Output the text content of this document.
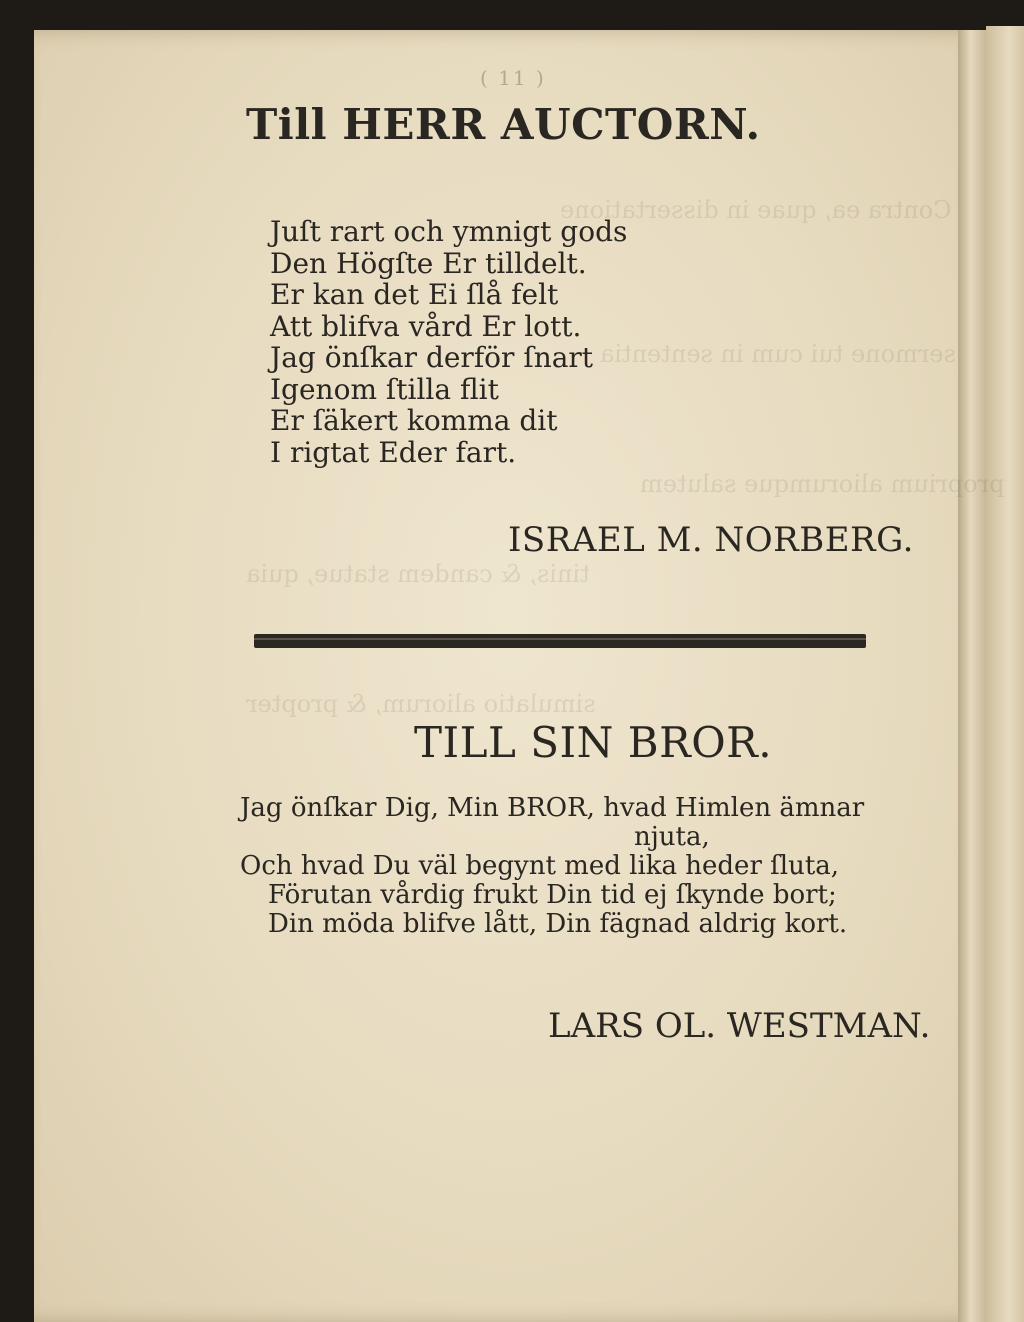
Contra ea, quae in dissertatione
sermone tui cum in sententia
proprium aliorumque salutem
tinis, & candem statue, quia
simulatio aliorum, & propter
( 11 )
Till HERR AUCTORN.
Juſt rart och ymnigt gods
Den Högſte Er tilldelt.
Er kan det Ei ſlå felt
Att blifva vård Er lott.
Jag önſkar derför ſnart
Igenom ſtilla flit
Er ſäkert komma dit
I rigtat Eder fart.
ISRAEL M. NORBERG.
TILL SIN BROR.
Jag önſkar Dig, Min BROR, hvad Himlen ämnar
njuta,
Och hvad Du väl begynt med lika heder ſluta,
Förutan vårdig frukt Din tid ej ſkynde bort;
Din möda blifve lått, Din fägnad aldrig kort.
LARS OL. WESTMAN.
